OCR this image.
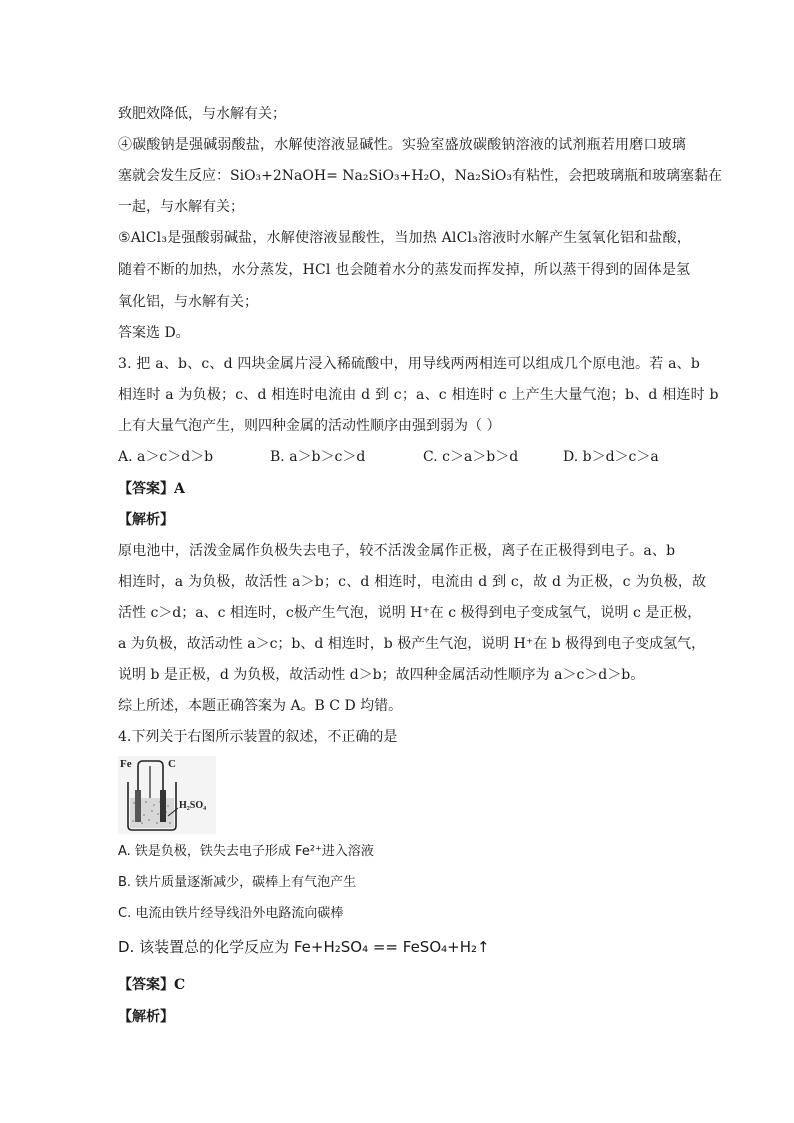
致肥效降低，与水解有关；
④碳酸钠是强碱弱酸盐，水解使溶液显碱性。实验室盛放碳酸钠溶液的试剂瓶若用磨口玻璃
塞就会发生反应：SiO₃+2NaOH= Na₂SiO₃+H₂O，Na₂SiO₃有粘性，会把玻璃瓶和玻璃塞黏在
一起，与水解有关；
⑤AlCl₃是强酸弱碱盐，水解使溶液显酸性，当加热 AlCl₃溶液时水解产生氢氧化铝和盐酸，
随着不断的加热，水分蒸发，HCl 也会随着水分的蒸发而挥发掉，所以蒸干得到的固体是氢
氧化铝，与水解有关；
答案选 D。
3. 把 a、b、c、d 四块金属片浸入稀硫酸中，用导线两两相连可以组成几个原电池。若 a、b
相连时 a 为负极；c、d 相连时电流由 d 到 c；a、c 相连时 c 上产生大量气泡；b、d 相连时 b
上有大量气泡产生，则四种金属的活动性顺序由强到弱为（ ）
A. a＞c＞d＞b	B. a＞b＞c＞d	C. c＞a＞b＞d	D. b＞d＞c＞a
【答案】A
【解析】
原电池中，活泼金属作负极失去电子，较不活泼金属作正极，离子在正极得到电子。a、b
相连时，a 为负极，故活性 a＞b；c、d 相连时，电流由 d 到 c，故 d 为正极，c 为负极，故
活性 c＞d；a、c 相连时，c极产生气泡，说明 H⁺在 c 极得到电子变成氢气，说明 c 是正极，
a 为负极，故活动性 a＞c；b、d 相连时，b 极产生气泡，说明 H⁺在 b 极得到电子变成氢气，
说明 b 是正极，d 为负极，故活动性 d＞b；故四种金属活动性顺序为 a＞c＞d＞b。
综上所述，本题正确答案为 A。B C D 均错。
4.下列关于右图所示装置的叙述，不正确的是
Fe	C
H₂SO₄
A. 铁是负极，铁失去电子形成 Fe²⁺进入溶液
B. 铁片质量逐渐减少，碳棒上有气泡产生
C. 电流由铁片经导线沿外电路流向碳棒
D. 该装置总的化学反应为 Fe+H₂SO₄ == FeSO₄+H₂↑
【答案】C
【解析】
